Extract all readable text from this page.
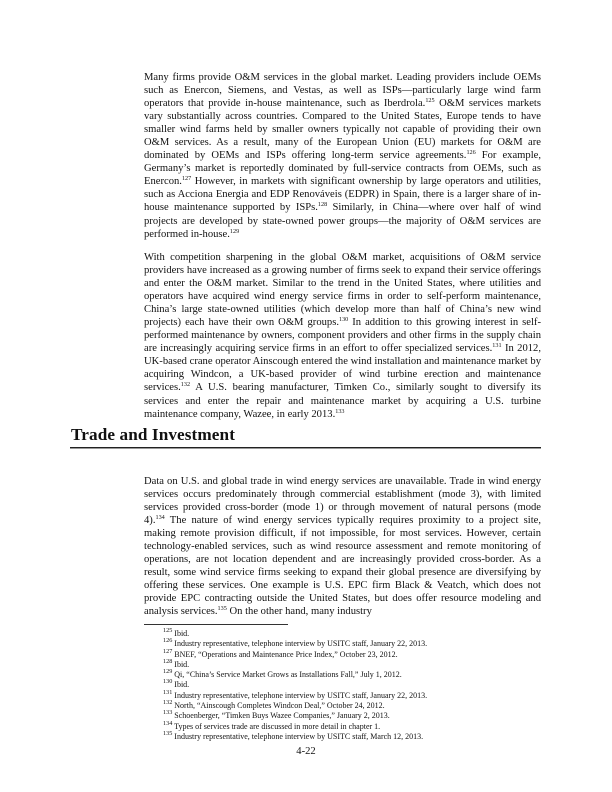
Many firms provide O&M services in the global market. Leading providers include OEMs such as Enercon, Siemens, and Vestas, as well as ISPs—particularly large wind farm operators that provide in-house maintenance, such as Iberdrola.$^{125}$ O&M services markets vary substantially across countries. Compared to the United States, Europe tends to have smaller wind farms held by smaller owners typically not capable of providing their own O&M services. As a result, many of the European Union (EU) markets for O&M are dominated by OEMs and ISPs offering long-term service agreements.$^{126}$ For example, Germany’s market is reportedly dominated by full-service contracts from OEMs, such as Enercon.$^{127}$ However, in markets with significant ownership by large operators and utilities, such as Acciona Energia and EDP Renováveis (EDPR) in Spain, there is a larger share of in-house maintenance supported by ISPs.$^{128}$ Similarly, in China—where over half of wind projects are developed by state-owned power groups—the majority of O&M services are performed in-house.$^{129}$

With competition sharpening in the global O&M market, acquisitions of O&M service providers have increased as a growing number of firms seek to expand their service offerings and enter the O&M market. Similar to the trend in the United States, where utilities and operators have acquired wind energy service firms in order to self-perform maintenance, China’s large state-owned utilities (which develop more than half of China’s new wind projects) each have their own O&M groups.$^{130}$ In addition to this growing interest in self-performed maintenance by owners, component providers and other firms in the supply chain are increasingly acquiring service firms in an effort to offer specialized services.$^{131}$ In 2012, UK-based crane operator Ainscough entered the wind installation and maintenance market by acquiring Windcon, a UK-based provider of wind turbine erection and maintenance services.$^{132}$ A U.S. bearing manufacturer, Timken Co., similarly sought to diversify its services and enter the repair and maintenance market by acquiring a U.S. turbine maintenance company, Wazee, in early 2013.$^{133}$

Trade and Investment

Data on U.S. and global trade in wind energy services are unavailable. Trade in wind energy services occurs predominately through commercial establishment (mode 3), with limited services provided cross-border (mode 1) or through movement of natural persons (mode 4).$^{134}$ The nature of wind energy services typically requires proximity to a project site, making remote provision difficult, if not impossible, for most services. However, certain technology-enabled services, such as wind resource assessment and remote monitoring of operations, are not location dependent and are increasingly provided cross-border. As a result, some wind service firms seeking to expand their global presence are diversifying by offering these services. One example is U.S. EPC firm Black & Veatch, which does not provide EPC contracting outside the United States, but does offer resource modeling and analysis services.$^{135}$ On the other hand, many industry

$^{125}$ Ibid.
$^{126}$ Industry representative, telephone interview by USITC staff, January 22, 2013.
$^{127}$ BNEF, “Operations and Maintenance Price Index,” October 23, 2012.
$^{128}$ Ibid.
$^{129}$ Qi, “China’s Service Market Grows as Installations Fall,” July 1, 2012.
$^{130}$ Ibid.
$^{131}$ Industry representative, telephone interview by USITC staff, January 22, 2013.
$^{132}$ North, “Ainscough Completes Windcon Deal,” October 24, 2012.
$^{133}$ Schoenberger, “Timken Buys Wazee Companies,” January 2, 2013.
$^{134}$ Types of services trade are discussed in more detail in chapter 1.
$^{135}$ Industry representative, telephone interview by USITC staff, March 12, 2013.
4-22
